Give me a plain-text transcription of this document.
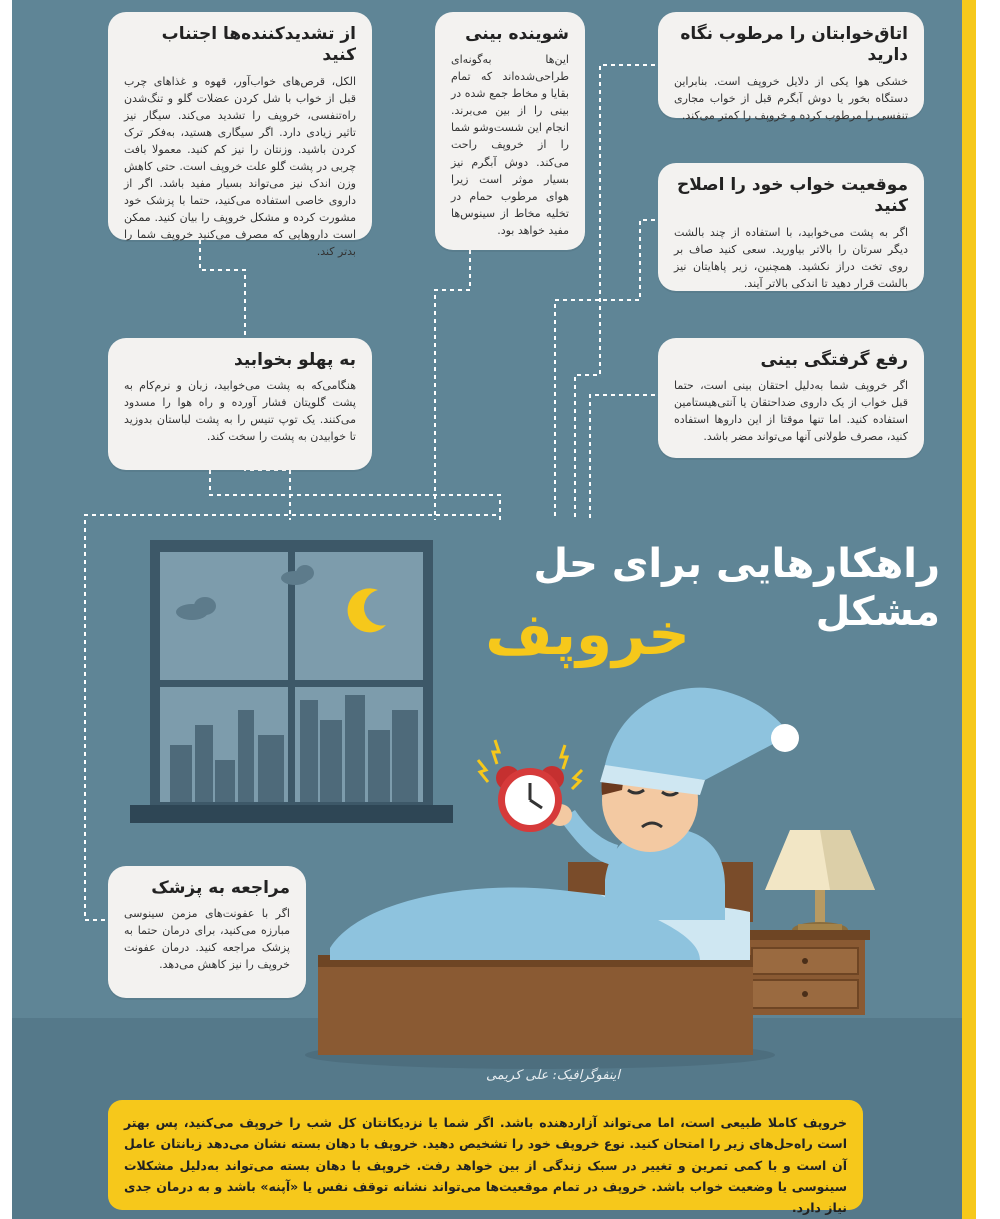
اتاق‌خوابتان را مرطوب نگاه دارید

خشکی هوا یکی از دلایل خروپف است. بنابراین دستگاه بخور یا دوش آبگرم قبل از خواب مجاری تنفسی را مرطوب کرده و خروپف را کمتر می‌کند.

موقعیت خواب خود را اصلاح کنید

اگر به پشت می‌خوابید، با استفاده از چند بالشت دیگر سرتان را بالاتر بیاورید. سعی کنید صاف بر روی تخت دراز نکشید. همچنین، زیر پاهایتان نیز بالشت قرار دهید تا اندکی بالاتر آیند.

رفع گرفتگی بینی

اگر خروپف شما به‌دلیل احتقان بینی است، حتما قبل خواب از یک داروی ضداحتقان یا آنتی‌هیستامین استفاده کنید. اما تنها موقتا از این داروها استفاده کنید، مصرف طولانی آنها می‌تواند مضر باشد.

شوینده بینی

این‌ها به‌گونه‌ای طراحی‌شده‌اند که تمام بقایا و مخاط جمع شده در بینی را از بین می‌برند. انجام این شست‌وشو شما را از خروپف راحت می‌کند. دوش آبگرم نیز بسیار موثر است زیرا هوای مرطوب حمام در تخلیه مخاط از سینوس‌ها مفید خواهد بود.

از تشدیدکننده‌ها اجتناب کنید

الکل، قرص‌های خواب‌آور، قهوه و غذاهای چرب قبل از خواب با شل کردن عضلات گلو و تنگ‌شدن راه‌تنفسی، خروپف را تشدید می‌کند. سیگار نیز تاثیر زیادی دارد. اگر سیگاری هستید، به‌فکر ترک کردن باشید. وزنتان را نیز کم کنید. معمولا بافت چربی در پشت گلو علت خروپف است. حتی کاهش وزن اندک نیز می‌تواند بسیار مفید باشد. اگر از داروی خاصی استفاده می‌کنید، حتما با پزشک خود مشورت کرده و مشکل خروپف را بیان کنید. ممکن است داروهایی که مصرف می‌کنید خروپف شما را بدتر کند.

به پهلو بخوابید

هنگامی‌که به پشت می‌خوابید، زبان و نرم‌کام به پشت گلویتان فشار آورده و راه هوا را مسدود می‌کنند. یک توپ تنیس را به پشت لباستان بدوزید تا خوابیدن به پشت را سخت کند.

مراجعه به پزشک

اگر با عفونت‌های مزمن سینوسی مبارزه می‌کنید، برای درمان حتما به پزشک مراجعه کنید. درمان عفونت خروپف را نیز کاهش می‌دهد.

راهکارهایی برای حل مشکل
خروپف
اینفوگرافیک: علی کریمی
خروپف کاملا طبیعی است، اما می‌تواند آزاردهنده باشد. اگر شما یا نزدیکانتان کل شب را خروپف می‌کنید، پس بهتر است راه‌حل‌های زیر را امتحان کنید. نوع خروپف خود را تشخیص دهید. خروپف با دهان بسته نشان می‌دهد زبانتان عامل آن است و با کمی تمرین و تغییر در سبک زندگی از بین خواهد رفت. خروپف با دهان بسته می‌تواند به‌دلیل مشکلات سینوسی یا وضعیت خواب باشد. خروپف در تمام موقعیت‌ها می‌تواند نشانه توقف نفس یا «آپنه» باشد و به درمان جدی نیاز دارد.
